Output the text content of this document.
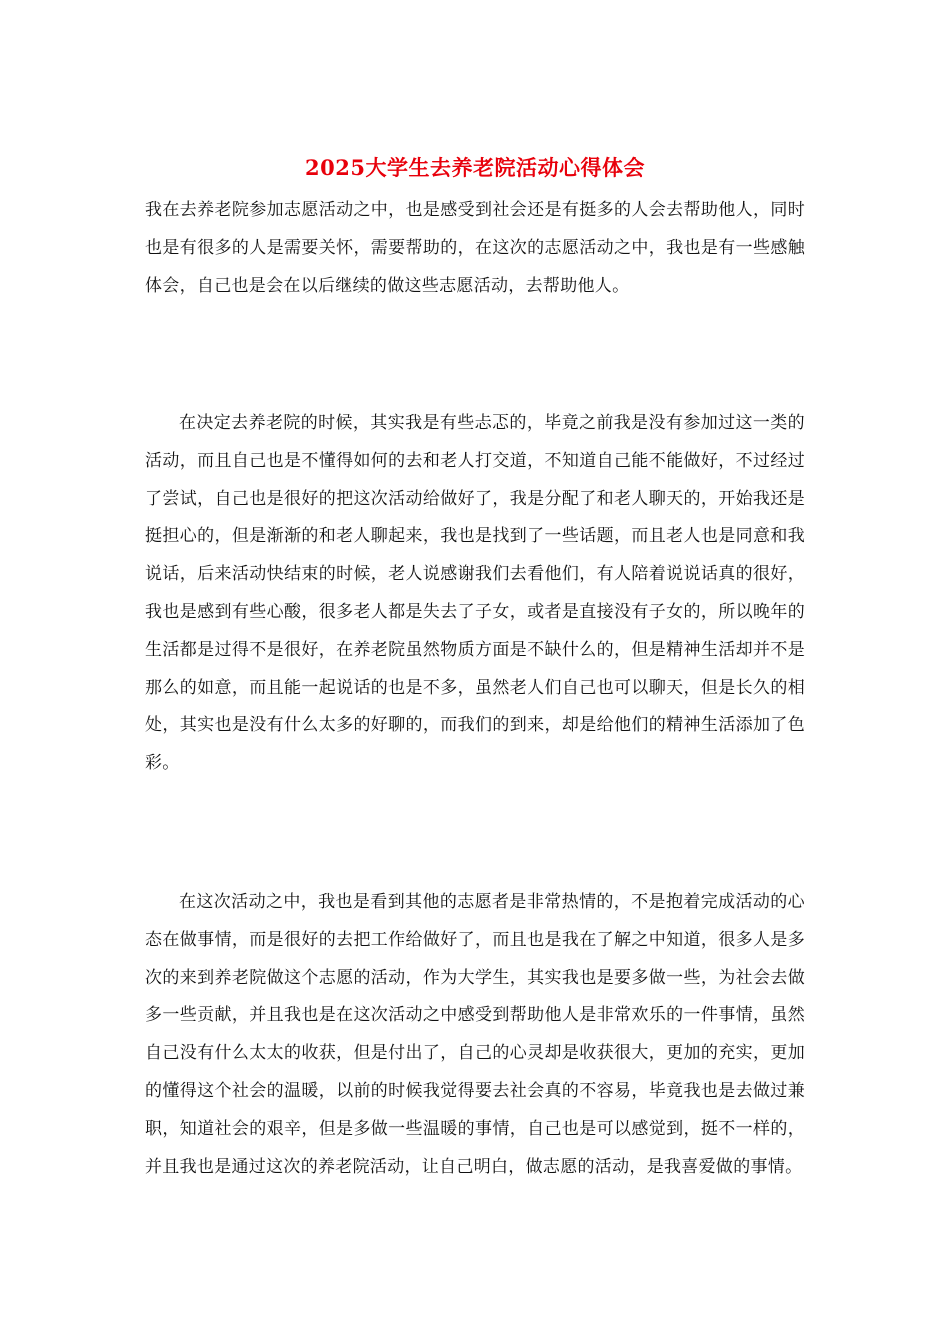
2025大学生去养老院活动心得体会

我在去养老院参加志愿活动之中，也是感受到社会还是有挺多的人会去帮助他人，同时也是有很多的人是需要关怀，需要帮助的，在这次的志愿活动之中，我也是有一些感触体会，自己也是会在以后继续的做这些志愿活动，去帮助他人。

在决定去养老院的时候，其实我是有些忐忑的，毕竟之前我是没有参加过这一类的活动，而且自己也是不懂得如何的去和老人打交道，不知道自己能不能做好，不过经过了尝试，自己也是很好的把这次活动给做好了，我是分配了和老人聊天的，开始我还是挺担心的，但是渐渐的和老人聊起来，我也是找到了一些话题，而且老人也是同意和我说话，后来活动快结束的时候，老人说感谢我们去看他们，有人陪着说说话真的很好，我也是感到有些心酸，很多老人都是失去了子女，或者是直接没有子女的，所以晚年的生活都是过得不是很好，在养老院虽然物质方面是不缺什么的，但是精神生活却并不是那么的如意，而且能一起说话的也是不多，虽然老人们自己也可以聊天，但是长久的相处，其实也是没有什么太多的好聊的，而我们的到来，却是给他们的精神生活添加了色彩。

在这次活动之中，我也是看到其他的志愿者是非常热情的，不是抱着完成活动的心态在做事情，而是很好的去把工作给做好了，而且也是我在了解之中知道，很多人是多次的来到养老院做这个志愿的活动，作为大学生，其实我也是要多做一些，为社会去做多一些贡献，并且我也是在这次活动之中感受到帮助他人是非常欢乐的一件事情，虽然自己没有什么太太的收获，但是付出了，自己的心灵却是收获很大，更加的充实，更加的懂得这个社会的温暖，以前的时候我觉得要去社会真的不容易，毕竟我也是去做过兼职，知道社会的艰辛，但是多做一些温暖的事情，自己也是可以感觉到，挺不一样的，并且我也是通过这次的养老院活动，让自己明白，做志愿的活动，是我喜爱做的事情。
